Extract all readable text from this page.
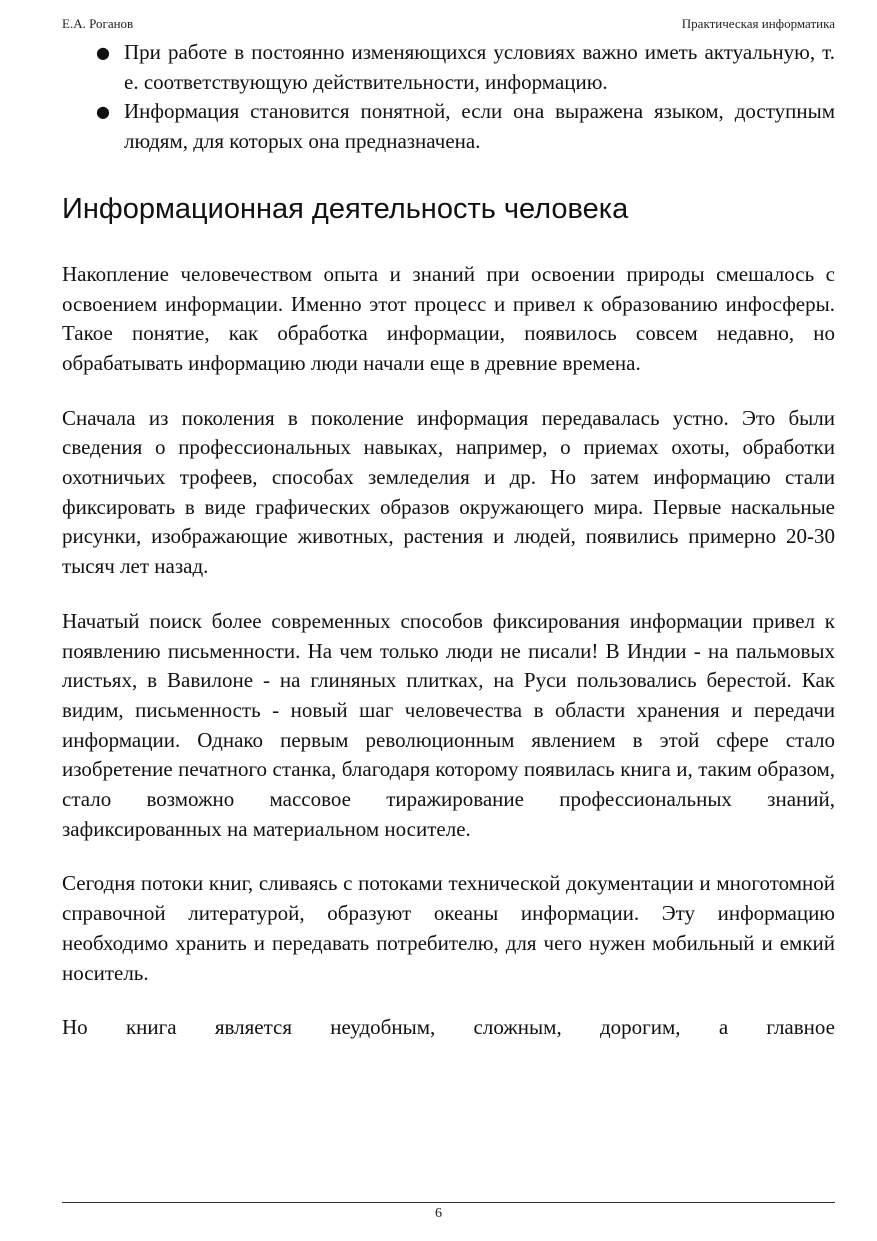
Е.А. Роганов	Практическая информатика
● При работе в постоянно изменяющихся условиях важно иметь актуальную, т. е. соответствующую действительности, информацию.
● Информация становится понятной, если она выражена языком, доступным людям, для которых она предназначена.
Информационная деятельность человека

Накопление человечеством опыта и знаний при освоении природы смешалось с освоением информации. Именно этот процесс и привел к образованию инфосферы. Такое понятие, как обработка информации, появилось совсем недавно, но обрабатывать информацию люди начали еще в древние времена.

Сначала из поколения в поколение информация передавалась устно. Это были сведения о профессиональных навыках, например, о приемах охоты, обработки охотничьих трофеев, способах земледелия и др. Но затем информацию стали фиксировать в виде графических образов окружающего мира. Первые наскальные рисунки, изображающие животных, растения и людей, появились примерно 20-30 тысяч лет назад.

Начатый поиск более современных способов фиксирования информации привел к появлению письменности. На чем только люди не писали! В Индии - на пальмовых листьях, в Вавилоне - на глиняных плитках, на Руси пользовались берестой. Как видим, письменность - новый шаг человечества в области хранения и передачи информации. Однако первым революционным явлением в этой сфере стало изобретение печатного станка, благодаря которому появилась книга и, таким образом, стало возможно массовое тиражирование профессиональных знаний, зафиксированных на материальном носителе.

Сегодня потоки книг, сливаясь с потоками технической документации и многотомной справочной литературой, образуют океаны информации. Эту информацию необходимо хранить и передавать потребителю, для чего нужен мобильный и емкий носитель.

Но книга является неудобным, сложным, дорогим, а главное

6
